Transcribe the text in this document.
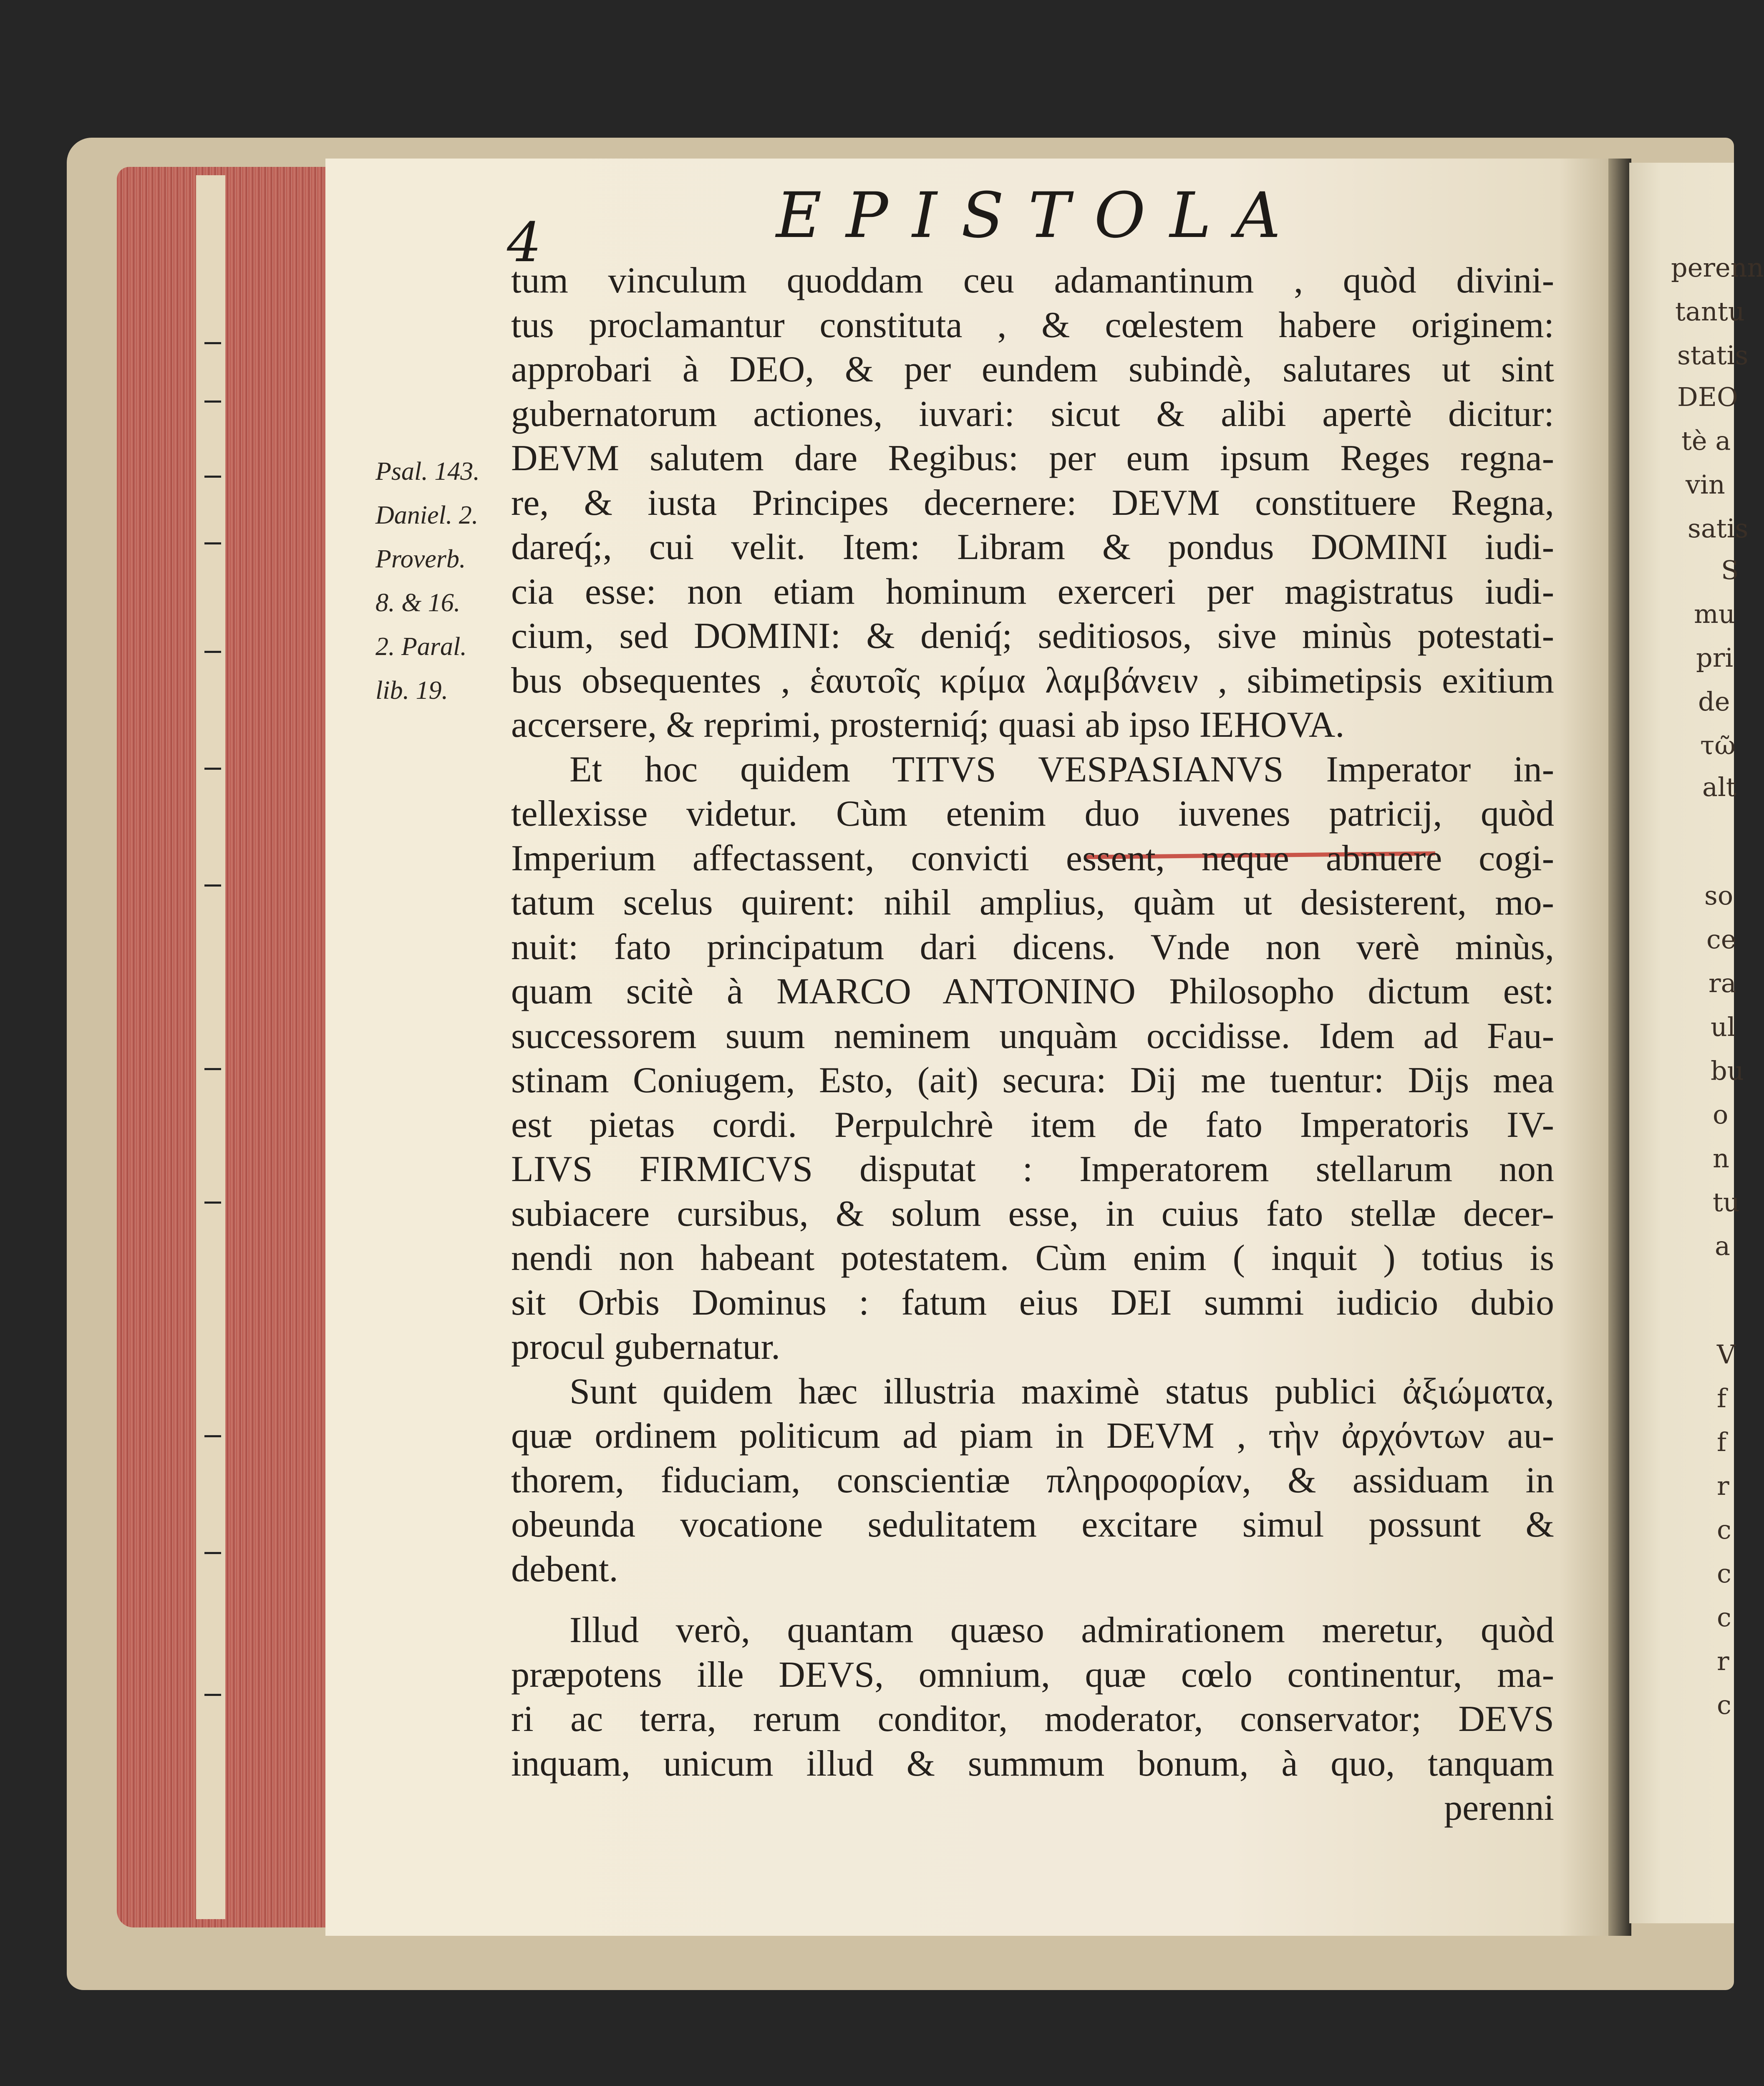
perenn
tantu
statis
DEO
tè a
vin
satis
S
mu
pri
de
τῶ
alt
so
ce
ra
ul
bu
o
n
tu
a
V
f
f
r
c
c
c
r
c
4	EPISTOLA
Psal. 143.
Daniel. 2.
Proverb.
8. & 16.
2. Paral.
lib. 19.
tum vinculum quoddam ceu adamantinum , quòd divini-
tus proclamantur constituta , & cœlestem habere originem:
approbari à DEO, & per eundem subindè, salutares ut sint
gubernatorum actiones, iuvari: sicut & alibi apertè dicitur:
DEVM salutem dare Regibus: per eum ipsum Reges regna-
re, & iusta Principes decernere: DEVM constituere Regna,
dareq́;, cui velit. Item: Libram & pondus DOMINI iudi-
cia esse: non etiam hominum exerceri per magistratus iudi-
cium, sed DOMINI: & deniq́; seditiosos, sive minùs potestati-
bus obsequentes , ἑαυτοῖς κρίμα λαμβάνειν , sibimetipsis exitium
accersere, & reprimi, prosterniq́; quasi ab ipso IEHOVA.
Et hoc quidem TITVS VESPASIANVS Imperator in-
tellexisse videtur. Cùm etenim duo iuvenes patricij, quòd
Imperium affectassent, convicti essent, neque abnuere cogi-
tatum scelus quirent: nihil amplius, quàm ut desisterent, mo-
nuit: fato principatum dari dicens. Vnde non verè minùs,
quam scitè à MARCO ANTONINO Philosopho dictum est:
successorem suum neminem unquàm occidisse. Idem ad Fau-
stinam Coniugem, Esto, (ait) secura: Dij me tuentur: Dijs mea
est pietas cordi. Perpulchrè item de fato Imperatoris IV-
LIVS FIRMICVS disputat : Imperatorem stellarum non
subiacere cursibus, & solum esse, in cuius fato stellæ decer-
nendi non habeant potestatem. Cùm enim ( inquit ) totius is
sit Orbis Dominus : fatum eius DEI summi iudicio dubio
procul gubernatur.
Sunt quidem hæc illustria maximè status publici ἀξιώματα,
quæ ordinem politicum ad piam in DEVM , τὴν ἀρχόντων au-
thorem, fiduciam, conscientiæ πληροφορίαν, & assiduam in
obeunda vocatione sedulitatem excitare simul possunt &
debent.
Illud verò, quantam quæso admirationem meretur, quòd
præpotens ille DEVS, omnium, quæ cœlo continentur, ma-
ri ac terra, rerum conditor, moderator, conservator; DEVS
inquam, unicum illud & summum bonum, à quo, tanquam
perenni
